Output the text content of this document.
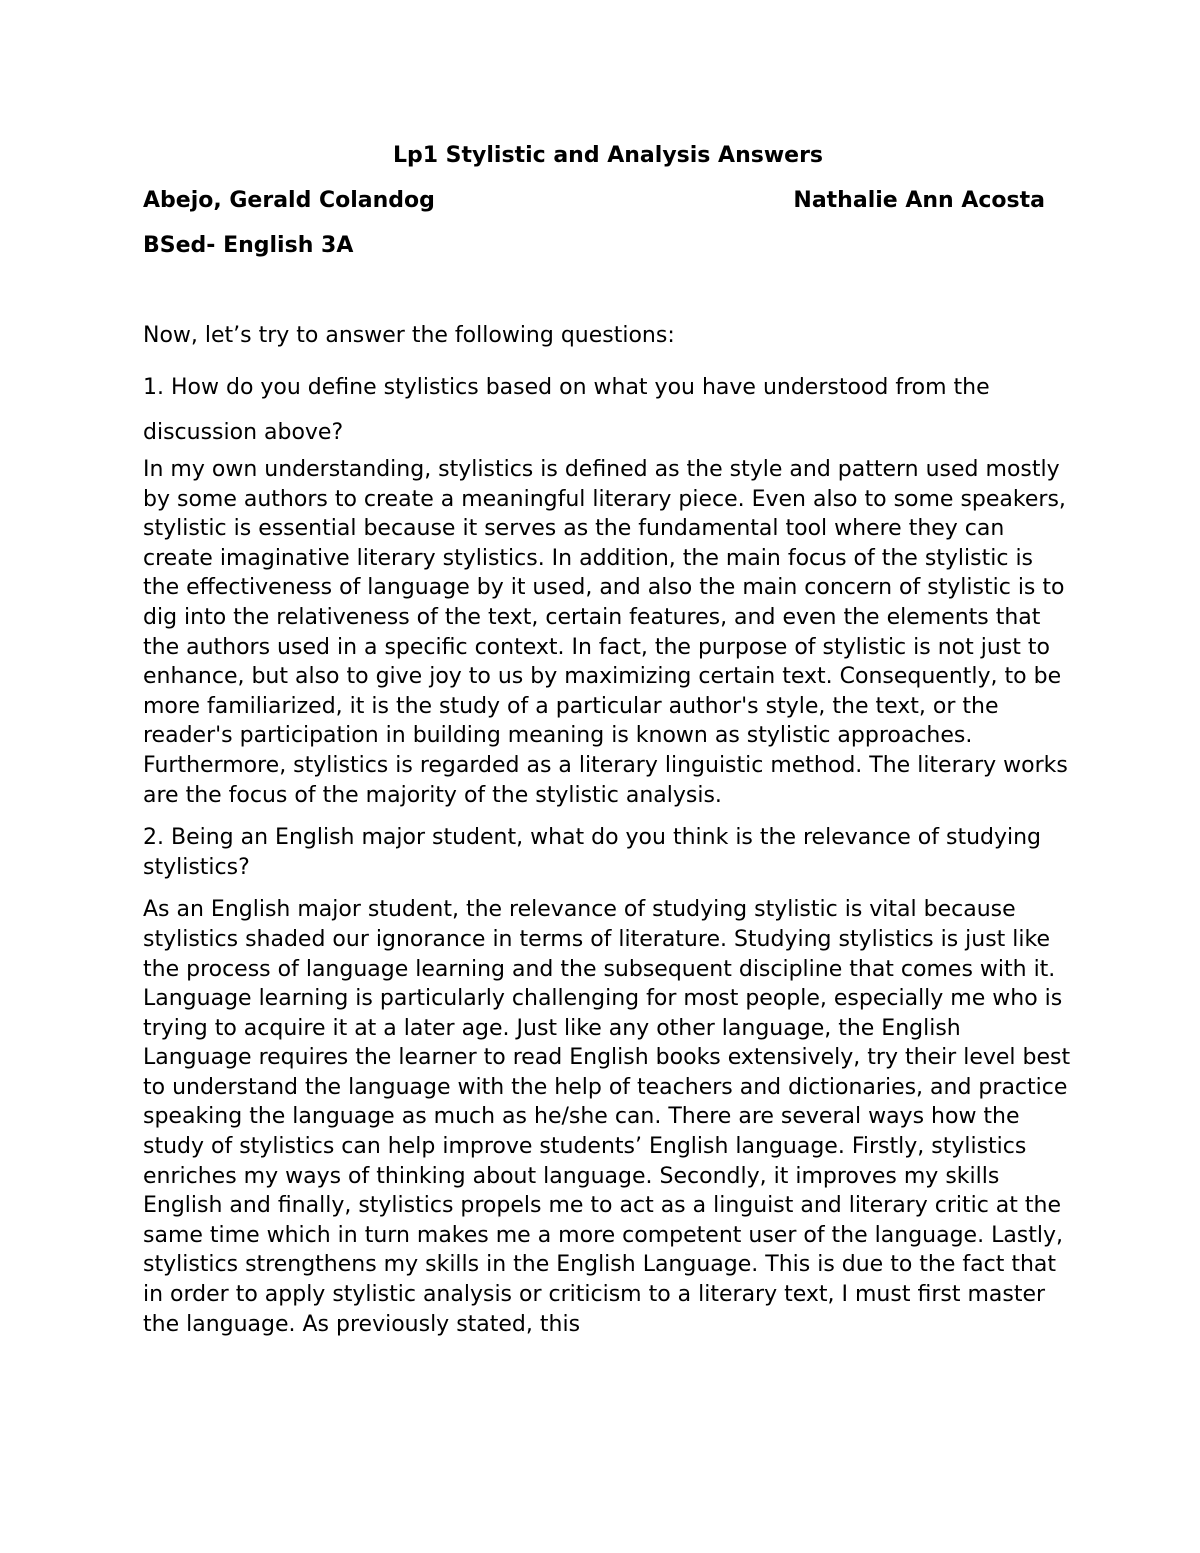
Lp1 Stylistic and Analysis Answers

Abejo, Gerald Colandog	Nathalie Ann Acosta

BSed- English 3A

Now, let’s try to answer the following questions:

1. How do you define stylistics based on what you have understood from the discussion above?

In my own understanding, stylistics is defined as the style and pattern used mostly by some authors to create a meaningful literary piece. Even also to some speakers, stylistic is essential because it serves as the fundamental tool where they can create imaginative literary stylistics. In addition, the main focus of the stylistic is the effectiveness of language by it used, and also the main concern of stylistic is to dig into the relativeness of the text, certain features, and even the elements that the authors used in a specific context. In fact, the purpose of stylistic is not just to enhance, but also to give joy to us by maximizing certain text. Consequently, to be more familiarized, it is the study of a particular author's style, the text, or the reader's participation in building meaning is known as stylistic approaches. Furthermore, stylistics is regarded as a literary linguistic method. The literary works are the focus of the majority of the stylistic analysis.

2. Being an English major student, what do you think is the relevance of studying stylistics?

As an English major student, the relevance of studying stylistic is vital because stylistics shaded our ignorance in terms of literature. Studying stylistics is just like the process of language learning and the subsequent discipline that comes with it. Language learning is particularly challenging for most people, especially me who is trying to acquire it at a later age. Just like any other language, the English Language requires the learner to read English books extensively, try their level best to understand the language with the help of teachers and dictionaries, and practice speaking the language as much as he/she can. There are several ways how the study of stylistics can help improve students’ English language. Firstly, stylistics enriches my ways of thinking about language. Secondly, it improves my skills English and finally, stylistics propels me to act as a linguist and literary critic at the same time which in turn makes me a more competent user of the language. Lastly, stylistics strengthens my skills in the English Language. This is due to the fact that in order to apply stylistic analysis or criticism to a literary text, I must first master the language. As previously stated, this
